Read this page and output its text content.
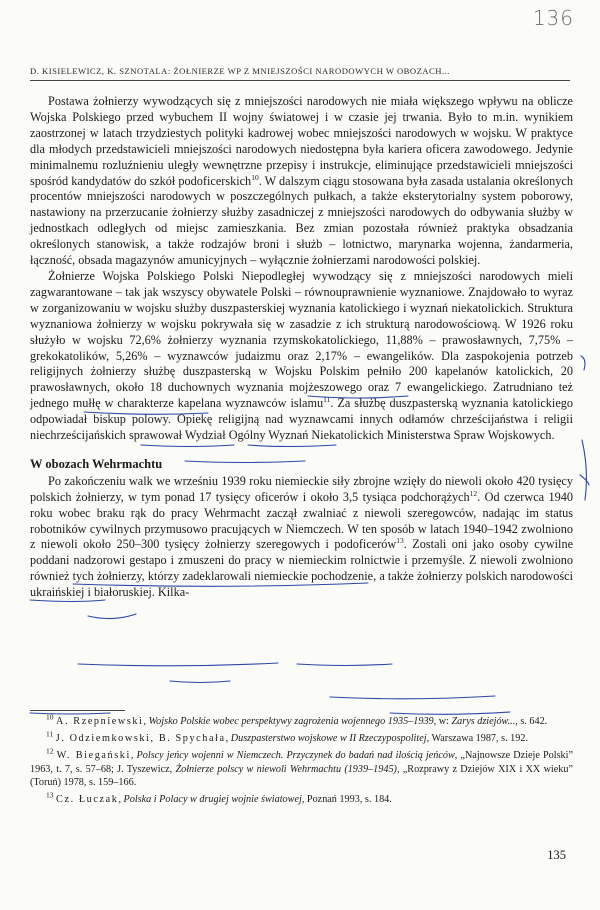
136
D. KISIELEWICZ, K. SZNOTALA: ŻOŁNIERZE WP Z MNIEJSZOŚCI NARODOWYCH W OBOZACH...

Postawa żołnierzy wywodzących się z mniejszości narodowych nie miała większego wpływu na oblicze Wojska Polskiego przed wybuchem II wojny światowej i w czasie jej trwania. Było to m.in. wynikiem zaostrzonej w latach trzydziestych polityki kadrowej wobec mniejszości narodowych w wojsku. W praktyce dla młodych przedstawicieli mniejszości narodowych niedostępna była kariera oficera zawodowego. Jedynie minimalnemu rozluźnieniu uległy wewnętrzne przepisy i instrukcje, eliminujące przedstawicieli mniejszości spośród kandydatów do szkół podoficerskich$^{10}$. W dalszym ciągu stosowana była zasada ustalania określonych procentów mniejszości narodowych w poszczególnych pułkach, a także eksterytorialny system poborowy, nastawiony na przerzucanie żołnierzy służby zasadniczej z mniejszości narodowych do odbywania służby w jednostkach odległych od miejsc zamieszkania. Bez zmian pozostała również praktyka obsadzania określonych stanowisk, a także rodzajów broni i służb – lotnictwo, marynarka wojenna, żandarmeria, łączność, obsada magazynów amunicyjnych – wyłącznie żołnierzami narodowości polskiej.

Żołnierze Wojska Polskiego Polski Niepodległej wywodzący się z mniejszości narodowych mieli zagwarantowane – tak jak wszyscy obywatele Polski – równouprawnienie wyznaniowe. Znajdowało to wyraz w zorganizowaniu w wojsku służby duszpasterskiej wyznania katolickiego i wyznań niekatolickich. Struktura wyznaniowa żołnierzy w wojsku pokrywała się w zasadzie z ich strukturą narodowościową. W 1926 roku służyło w wojsku 72,6% żołnierzy wyznania rzymskokatolickiego, 11,88% – prawosławnych, 7,75% – grekokatolików, 5,26% – wyznawców judaizmu oraz 2,17% – ewangelików. Dla zaspokojenia potrzeb religijnych żołnierzy służbę duszpasterską w Wojsku Polskim pełniło 200 kapelanów katolickich, 20 prawosławnych, około 18 duchownych wyznania mojżeszowego oraz 7 ewangelickiego. Zatrudniano też jednego mułłę w charakterze kapelana wyznawców islamu$^{11}$. Za służbę duszpasterską wyznania katolickiego odpowiadał biskup polowy. Opiekę religijną nad wyznawcami innych odłamów chrześcijaństwa i religii niechrześcijańskich sprawował Wydział Ogólny Wyznań Niekatolickich Ministerstwa Spraw Wojskowych.

W obozach Wehrmachtu

Po zakończeniu walk we wrześniu 1939 roku niemieckie siły zbrojne wzięły do niewoli około 420 tysięcy polskich żołnierzy, w tym ponad 17 tysięcy oficerów i około 3,5 tysiąca podchorążych$^{12}$. Od czerwca 1940 roku wobec braku rąk do pracy Wehrmacht zaczął zwalniać z niewoli szeregowców, nadając im status robotników cywilnych przymusowo pracujących w Niemczech. W ten sposób w latach 1940–1942 zwolniono z niewoli około 250–300 tysięcy żołnierzy szeregowych i podoficerów$^{13}$. Zostali oni jako osoby cywilne poddani nadzorowi gestapo i zmuszeni do pracy w niemieckim rolnictwie i przemyśle. Z niewoli zwolniono również tych żołnierzy, którzy zadeklarowali niemieckie pochodzenie, a także żołnierzy polskich narodowości ukraińskiej i białoruskiej. Kilka-

$^{10}$ A. Rzepniewski, Wojsko Polskie wobec perspektywy zagrożenia wojennego 1935–1939, w: Zarys dziejów..., s. 642.

$^{11}$ J. Odziemkowski, B. Spychała, Duszpasterstwo wojskowe w II Rzeczypospolitej, Warszawa 1987, s. 192.

$^{12}$ W. Biegański, Polscy jeńcy wojenni w Niemczech. Przyczynek do badań nad ilością jeńców, „Najnowsze Dzieje Polski” 1963, t. 7, s. 57–68; J. Tyszewicz, Żołnierze polscy w niewoli Wehrmachtu (1939–1945), „Rozprawy z Dziejów XIX i XX wieku” (Toruń) 1978, s. 159–166.

$^{13}$ Cz. Łuczak, Polska i Polacy w drugiej wojnie światowej, Poznań 1993, s. 184.

135
